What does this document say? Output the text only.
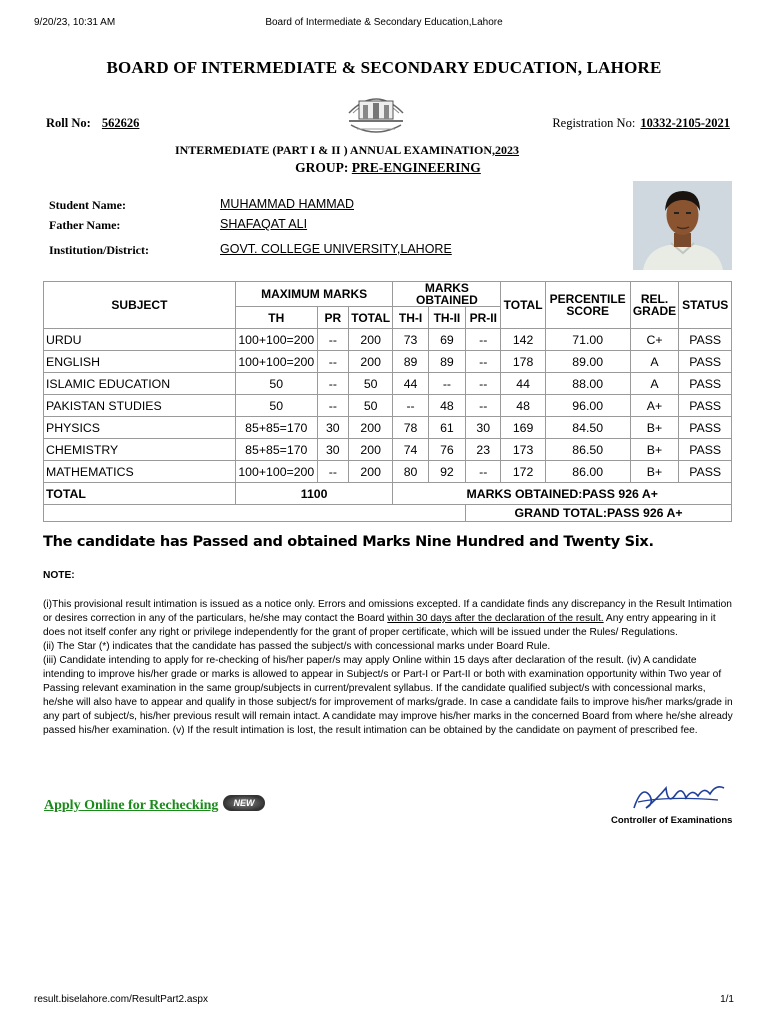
9/20/23, 10:31 AM	Board of Intermediate & Secondary Education,Lahore
BOARD OF INTERMEDIATE & SECONDARY EDUCATION, LAHORE
Roll No: 562626	Registration No: 10332-2105-2021
INTERMEDIATE (PART I & II ) ANNUAL EXAMINATION,2023
GROUP: PRE-ENGINEERING
Student Name:	MUHAMMAD HAMMAD
Father Name:	SHAFAQAT ALI
Institution/District:	GOVT. COLLEGE UNIVERSITY,LAHORE
SUBJECT	MAXIMUM MARKS			MARKS OBTAINED			TOTAL	PERCENTILE SCORE	REL. GRADE	STATUS
	TH	PR	TOTAL	TH-I	TH-II	PR-II				
URDU	100+100=200	--	200	73	69	--	142	71.00	C+	PASS
ENGLISH	100+100=200	--	200	89	89	--	178	89.00	A	PASS
ISLAMIC EDUCATION	50	--	50	44	--	--	44	88.00	A	PASS
PAKISTAN STUDIES	50	--	50	--	48	--	48	96.00	A+	PASS
PHYSICS	85+85=170	30	200	78	61	30	169	84.50	B+	PASS
CHEMISTRY	85+85=170	30	200	74	76	23	173	86.50	B+	PASS
MATHEMATICS	100+100=200	--	200	80	92	--	172	86.00	B+	PASS
TOTAL	1100			MARKS OBTAINED:PASS 926 A+						
						GRAND TOTAL:PASS 926 A+				
The candidate has Passed and obtained Marks Nine Hundred and Twenty Six.
NOTE:
(i)This provisional result intimation is issued as a notice only. Errors and omissions excepted. If a candidate finds any discrepancy in the Result Intimation or desires correction in any of the particulars, he/she may contact the Board within 30 days after the declaration of the result. Any entry appearing in it does not itself confer any right or privilege independently for the grant of proper certificate, which will be issued under the Rules/ Regulations.
(ii) The Star (*) indicates that the candidate has passed the subject/s with concessional marks under Board Rule.
(iii) Candidate intending to apply for re-checking of his/her paper/s may apply Online within 15 days after declaration of the result. (iv) A candidate intending to improve his/her grade or marks is allowed to appear in Subject/s or Part-I or Part-II or both with examination opportunity within Two year of Passing relevant examination in the same group/subjects in current/prevalent syllabus. If the candidate qualified subject/s with concessional marks, he/she will also have to appear and qualify in those subject/s for improvement of marks/grade. In case a candidate fails to improve his/her marks/grade in any part of subject/s, his/her previous result will remain intact. A candidate may improve his/her marks in the concerned Board from where he/she already passed his/her examination. (v) If the result intimation is lost, the result intimation can be obtained by the candidate on payment of prescribed fee.
Apply Online for Rechecking	NEW
Controller of Examinations
result.biselahore.com/ResultPart2.aspx	1/1
